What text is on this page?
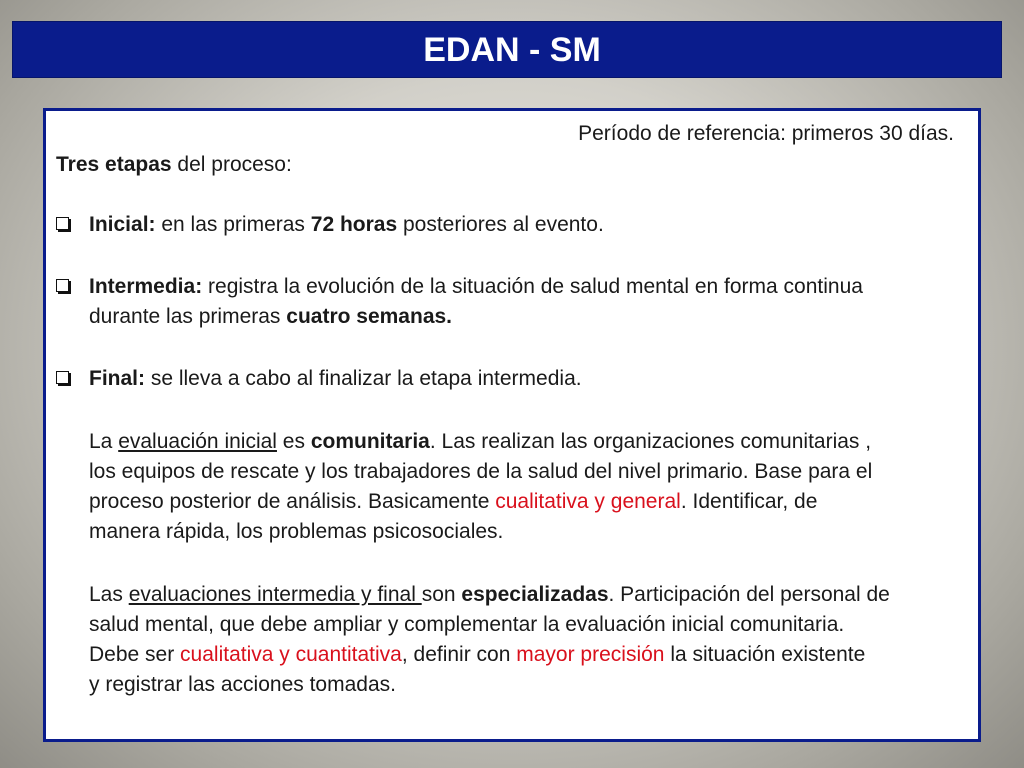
EDAN - SM
Período de referencia: primeros 30 días.
Tres etapas del proceso:
Inicial: en las primeras 72 horas posteriores al evento.
Intermedia: registra la evolución de la situación de salud mental en forma continua
durante las primeras cuatro semanas.
Final: se lleva a cabo al finalizar la etapa intermedia.
La evaluación inicial es comunitaria. Las realizan las organizaciones comunitarias ,
los equipos de rescate y los trabajadores de la salud del nivel primario. Base para el
proceso posterior de análisis. Basicamente cualitativa y general. Identificar, de
manera rápida, los problemas psicosociales.
Las evaluaciones intermedia y final son especializadas. Participación del personal de
salud mental, que debe ampliar y complementar la evaluación inicial comunitaria.
Debe ser cualitativa y cuantitativa, definir con mayor precisión la situación existente
y registrar las acciones tomadas.
